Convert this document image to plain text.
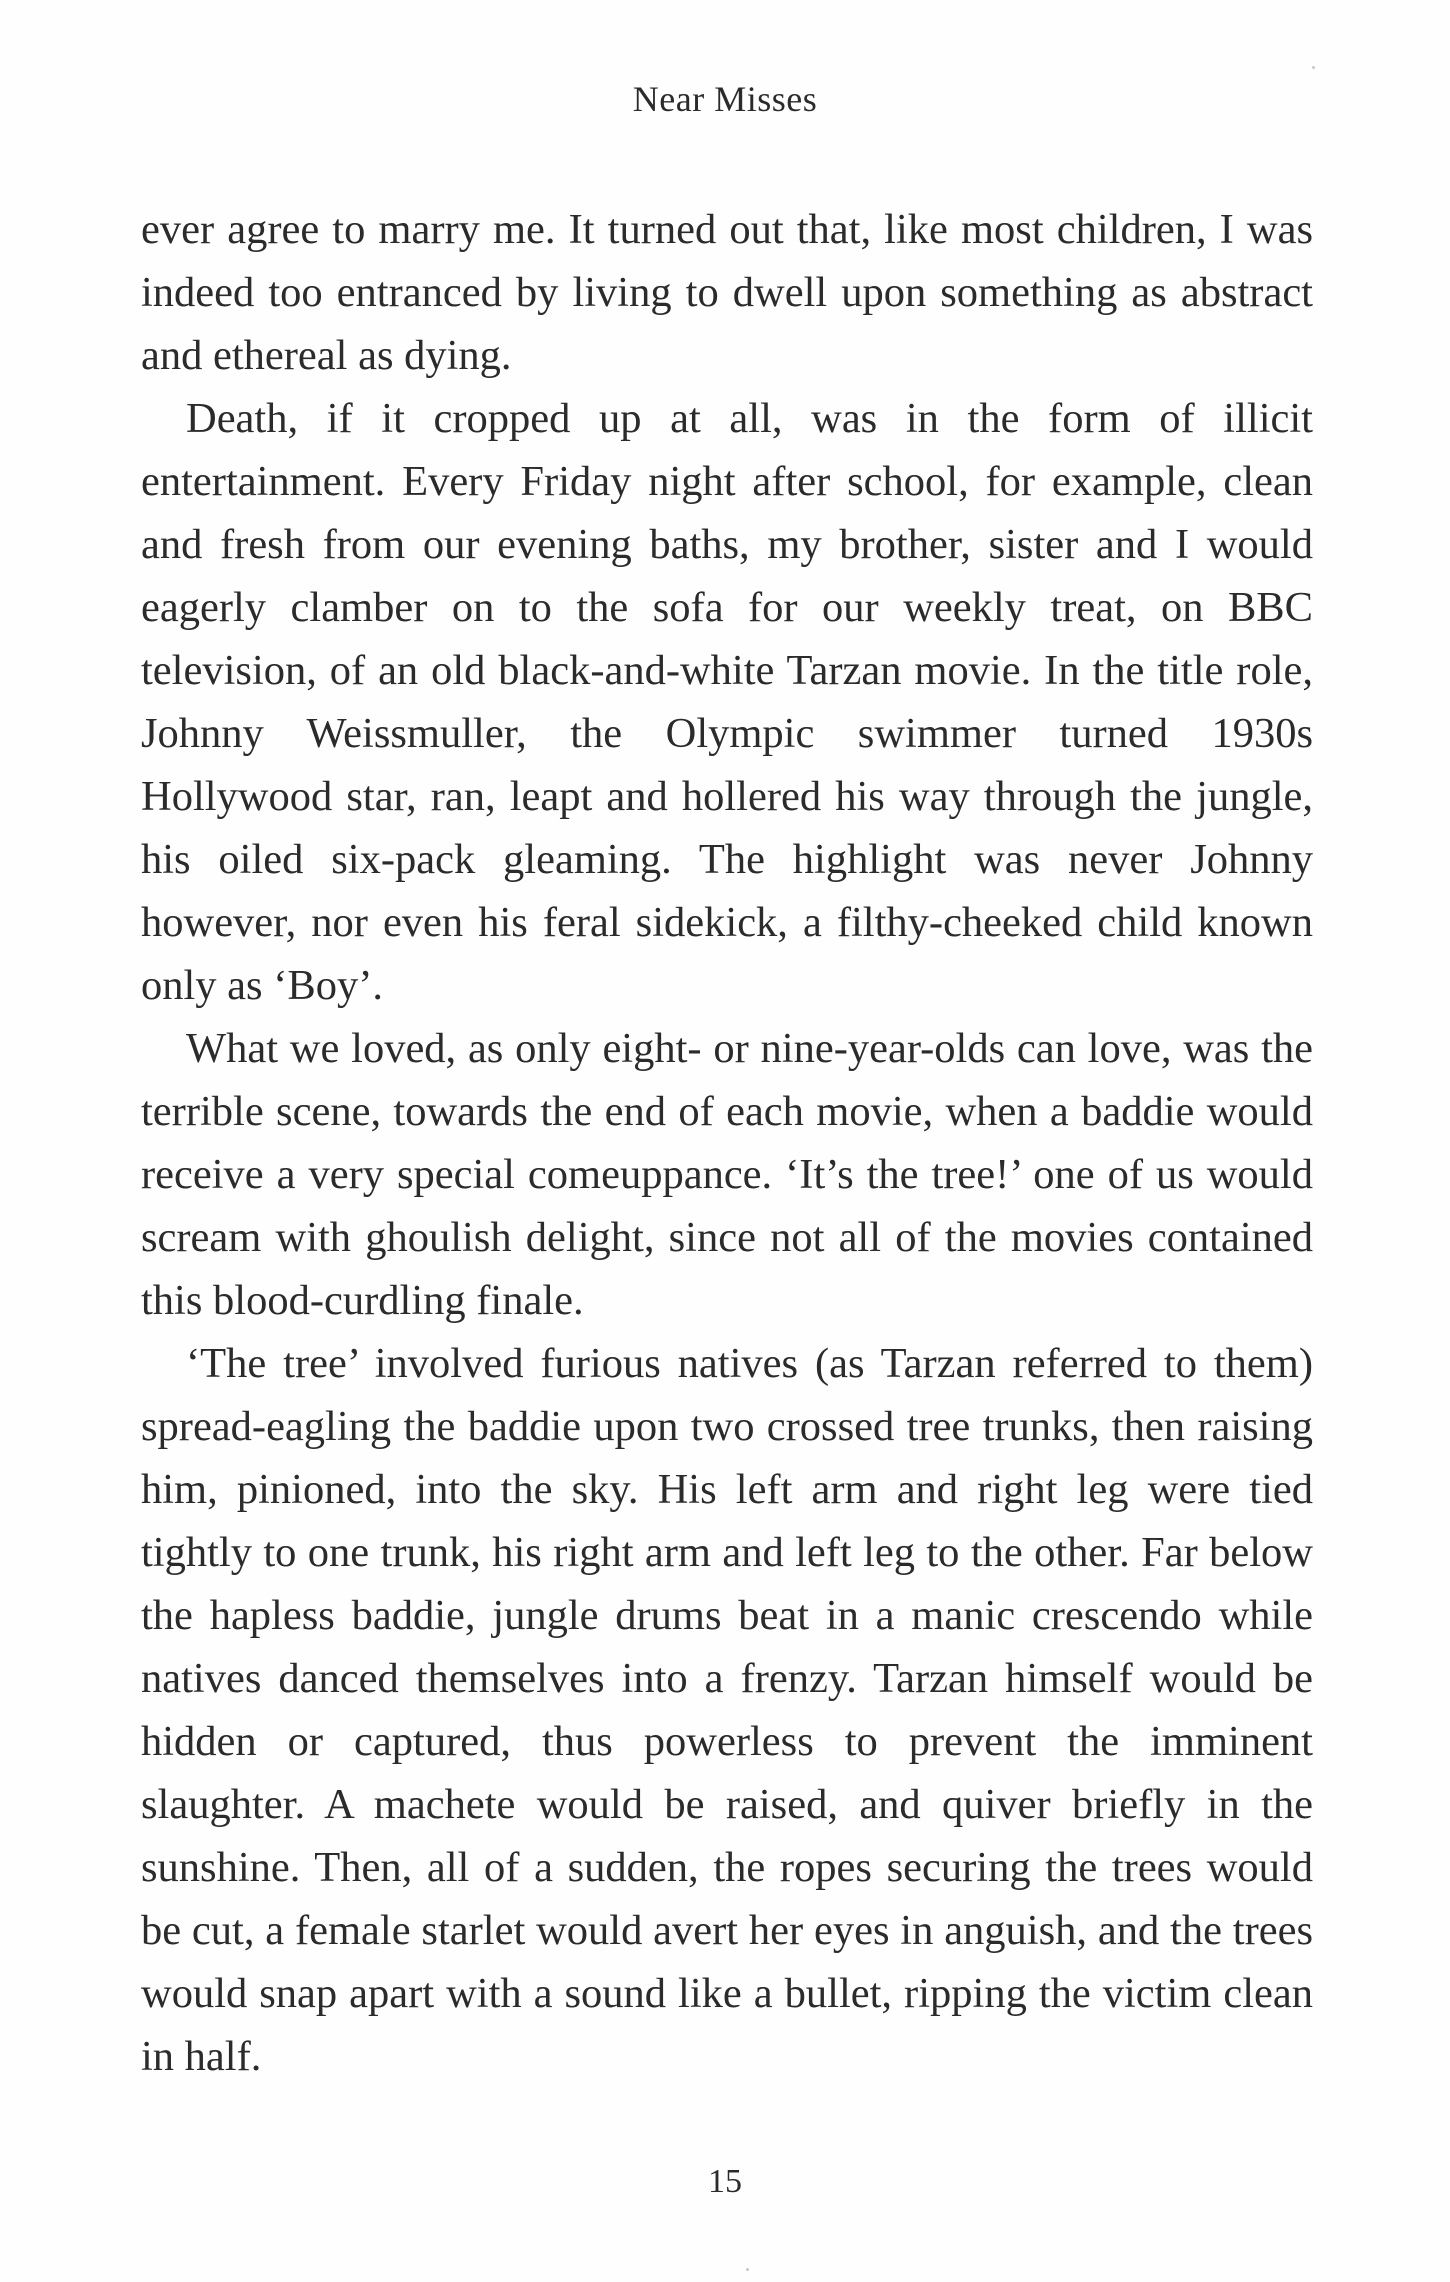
Near Misses

ever agree to marry me. It turned out that, like most children, I was indeed too entranced by living to dwell upon something as abstract and ethereal as dying.

Death, if it cropped up at all, was in the form of illicit entertainment. Every Friday night after school, for example, clean and fresh from our evening baths, my brother, sister and I would eagerly clamber on to the sofa for our weekly treat, on BBC television, of an old black-and-white Tarzan movie. In the title role, Johnny Weissmuller, the Olympic swimmer turned 1930s Hollywood star, ran, leapt and hollered his way through the jungle, his oiled six-pack gleaming. The highlight was never Johnny however, nor even his feral sidekick, a filthy-cheeked child known only as ‘Boy’.

What we loved, as only eight- or nine-year-olds can love, was the terrible scene, towards the end of each movie, when a baddie would receive a very special comeuppance. ‘It’s the tree!’ one of us would scream with ghoulish delight, since not all of the movies contained this blood-curdling finale.

‘The tree’ involved furious natives (as Tarzan referred to them) spread-eagling the baddie upon two crossed tree trunks, then raising him, pinioned, into the sky. His left arm and right leg were tied tightly to one trunk, his right arm and left leg to the other. Far below the hapless baddie, jungle drums beat in a manic crescendo while natives danced themselves into a frenzy. Tarzan himself would be hidden or captured, thus powerless to prevent the imminent slaughter. A machete would be raised, and quiver briefly in the sunshine. Then, all of a sudden, the ropes securing the trees would be cut, a female starlet would avert her eyes in anguish, and the trees would snap apart with a sound like a bullet, ripping the victim clean in half.

15
